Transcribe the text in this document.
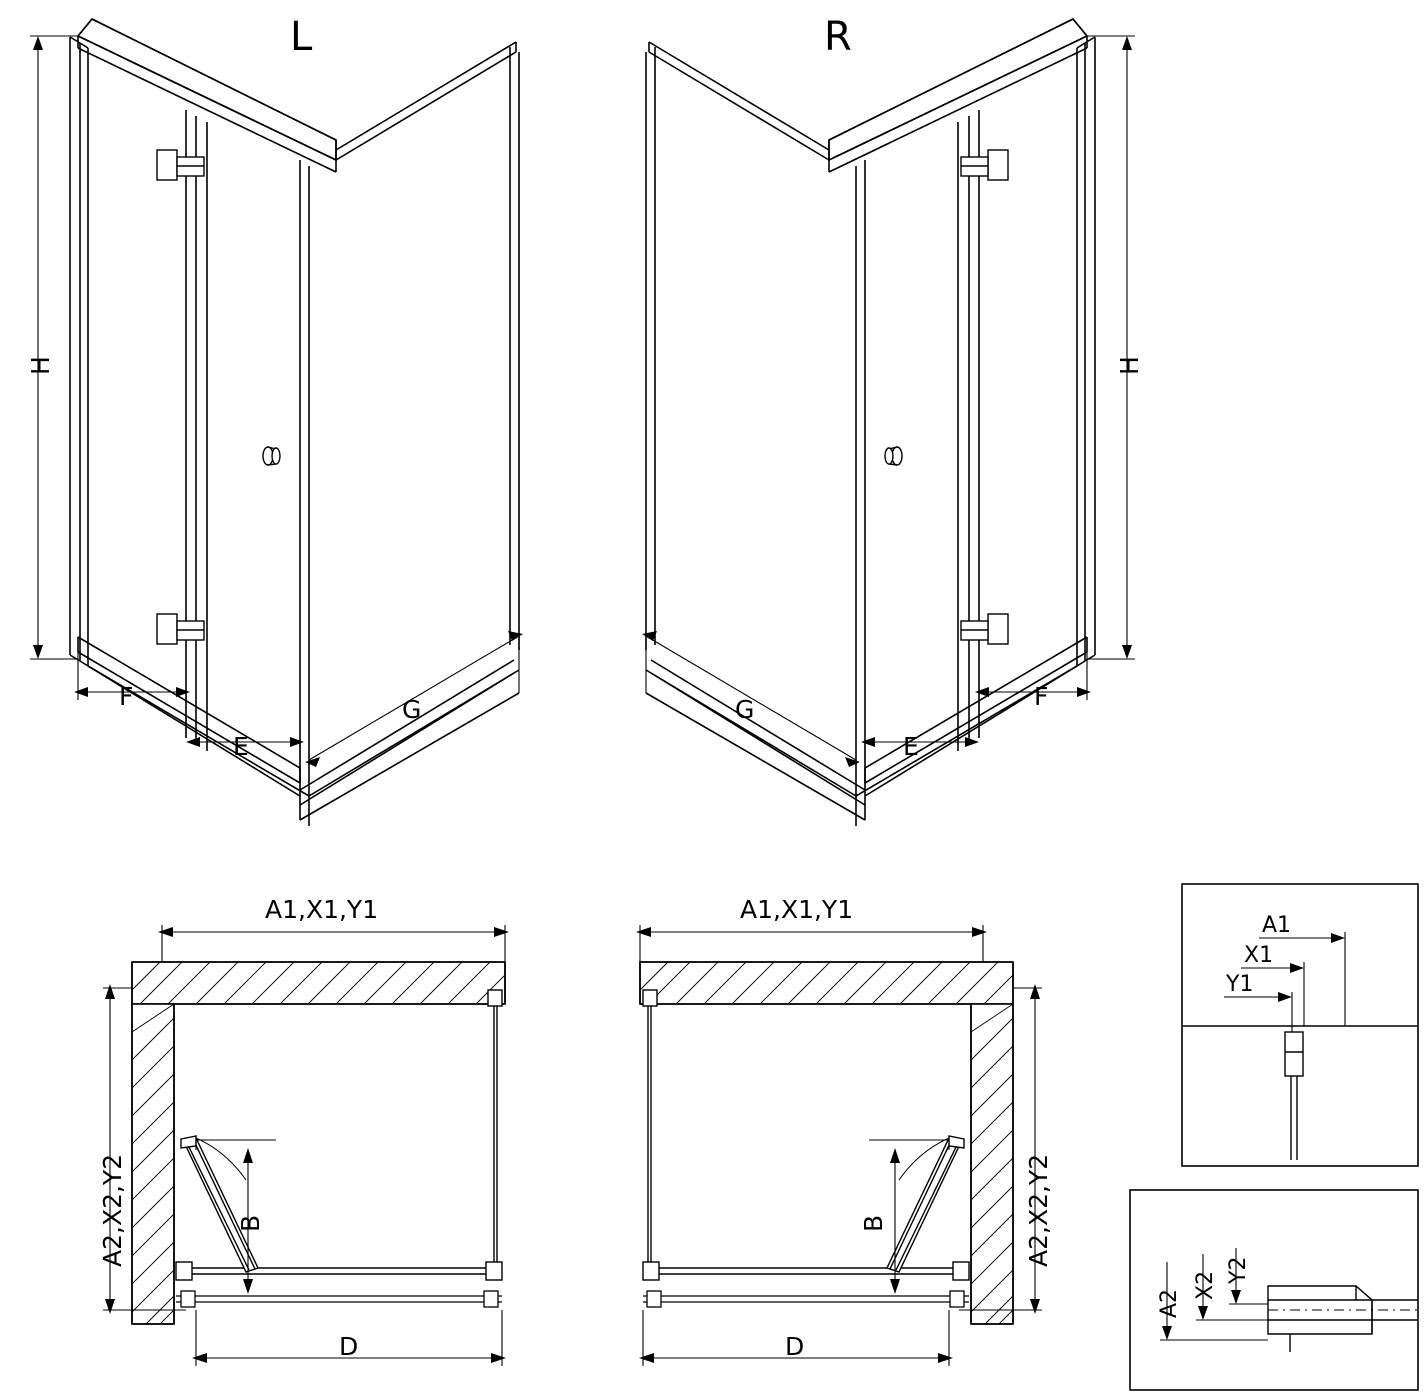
L	R
H	H
F
E
G	F
E
G
A1,X1,Y1
A2,X2,Y2	B
D
A1,X1,Y1
A2,X2,Y2
B
D
A1
X1
Y1
A2
X2
Y2
